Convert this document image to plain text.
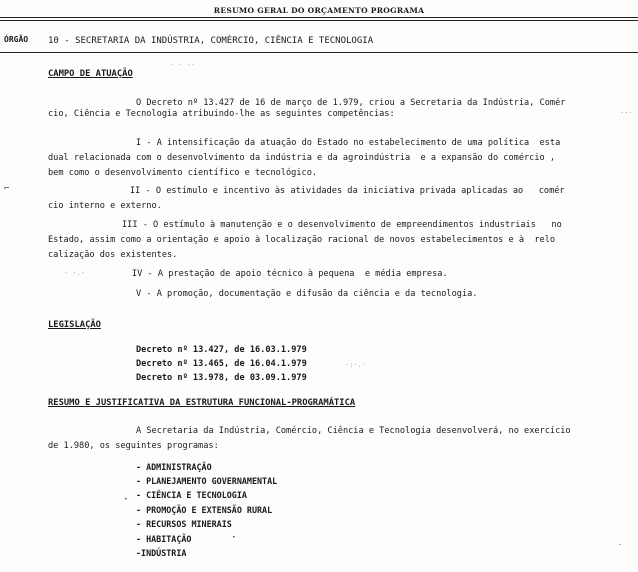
RESUMO GERAL DO ORÇAMENTO PROGRAMA
ÓRGÃO 10 - SECRETARIA DA INDÚSTRIA, COMÉRCIO, CIÊNCIA E TECNOLOGIA
CAMPO DE ATUAÇÃO
O Decreto nº 13.427 de 16 de março de 1.979, criou a Secretaria da Indústria, Comér
cio, Ciência e Tecnologia atribuindo-lhe as seguintes competências:
I - A intensificação da atuação do Estado no estabelecimento de uma política  esta
dual relacionada com o desenvolvimento da indústria e da agroindústria  e a expansão do comércio ,
bem como o desenvolvimento científico e tecnológico.
II - O estímulo e incentivo às atividades da iniciativa privada aplicadas ao   comér
cio interno e externo.
III - O estímulo à manutenção e o desenvolvimento de empreendimentos industriais   no
Estado, assim como a orientação e apoio à localização racional de novos estabelecimentos e à  relo
calização dos existentes.
IV - A prestação de apoio técnico à pequena  e média empresa.
V - A promoção, documentação e difusão da ciência e da tecnologia.
LEGISLAÇÃO
Decreto nº 13.427, de 16.03.1.979
Decreto nº 13.465, de 16.04.1.979
Decreto nº 13.978, de 03.09.1.979
RESUMO E JUSTIFICATIVA DA ESTRUTURA FUNCIONAL-PROGRAMÁTICA
A Secretaria da Indústria, Comércio, Ciência e Tecnologia desenvolverá, no exercício
de 1.980, os seguintes programas:
- ADMINISTRAÇÃO
- PLANEJAMENTO GOVERNAMENTAL
- CIÊNCIA E TECNOLOGIA
- PROMOÇÃO E EXTENSÃO RURAL
- RECURSOS MINERAIS
- HABITAÇÃO
-INDÚSTRIA
⌐
•
•
·
···
· · ··
·:·.·
· ·.·
